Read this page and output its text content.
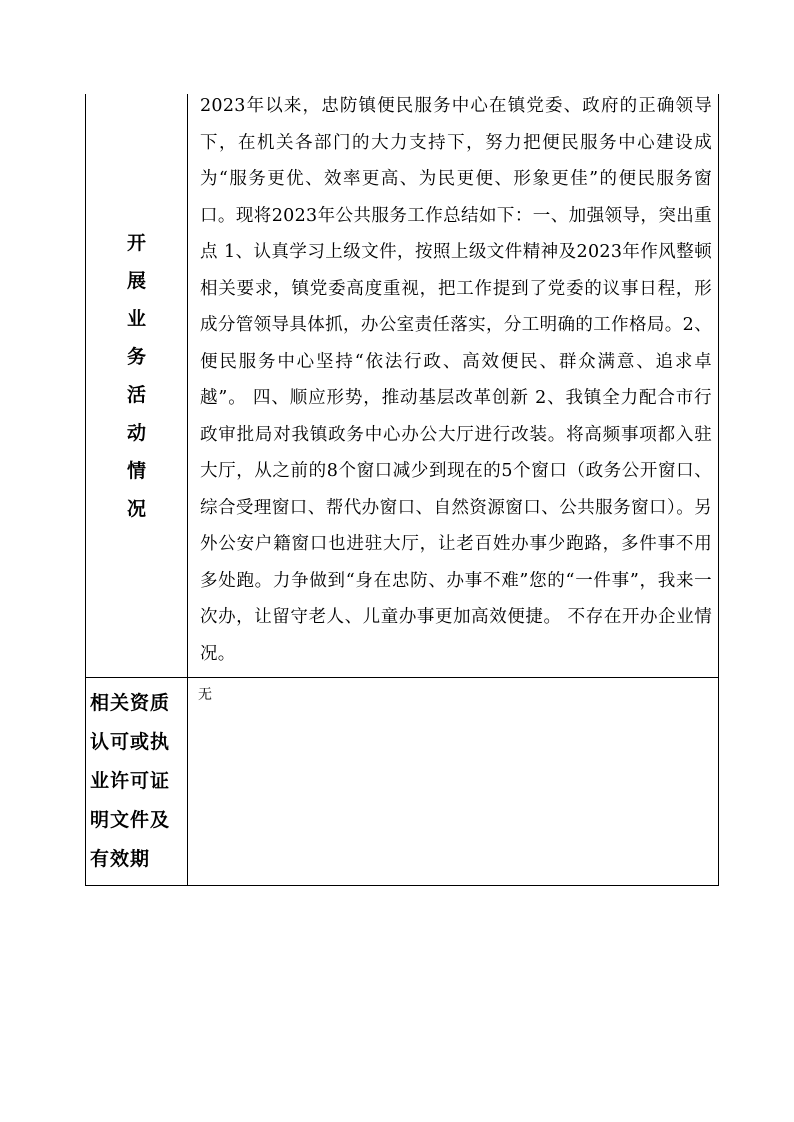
开
展
业
务
活
动
情
况
2023年以来，忠防镇便民服务中心在镇党委、政府的正确领导下，在机关各部门的大力支持下，努力把便民服务中心建设成为“服务更优、效率更高、为民更便、形象更佳”的便民服务窗口。现将2023年公共服务工作总结如下：一、加强领导，突出重点 1、认真学习上级文件，按照上级文件精神及2023年作风整顿相关要求，镇党委高度重视，把工作提到了党委的议事日程，形成分管领导具体抓，办公室责任落实，分工明确的工作格局。2、便民服务中心坚持“依法行政、高效便民、群众满意、追求卓越”。 四、顺应形势，推动基层改革创新 2、我镇全力配合市行政审批局对我镇政务中心办公大厅进行改装。将高频事项都入驻大厅，从之前的8个窗口减少到现在的5个窗口（政务公开窗口、综合受理窗口、帮代办窗口、自然资源窗口、公共服务窗口）。另外公安户籍窗口也进驻大厅，让老百姓办事少跑路，多件事不用多处跑。力争做到“身在忠防、办事不难”您的“一件事”，我来一次办，让留守老人、儿童办事更加高效便捷。 不存在开办企业情况。
相关资质
认可或执
业许可证
明文件及
有效期
无
